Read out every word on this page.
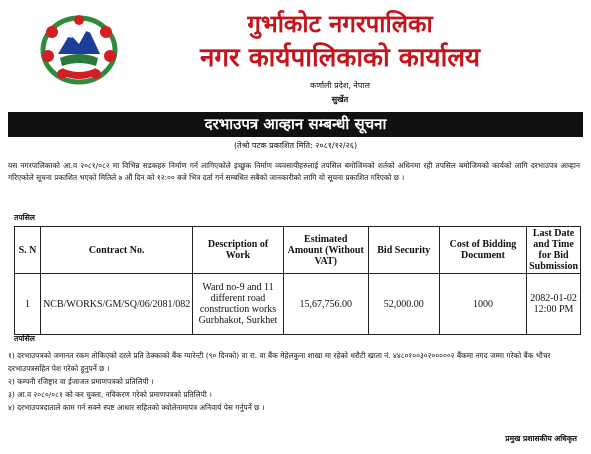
गुर्भाकोट नगरपालिका
नगर कार्यपालिकाको कार्यालय
कर्णाली प्रदेश, नेपाल
सुर्खेत
दरभाउपत्र आव्हान सम्बन्धी सूचना
(तेश्रो पटक प्रकाशित मिति: २०८१/१२/२६)
यस नगरपालिकाको आ.व २०८१/०८२ मा विभिन्न सडकहरु निर्माण गर्न लागिएकोले इच्छुक निर्माण व्यवसायीहरुलाई तपसिल बमोजिमको शर्तको अधिनमा रही तपसिल बमोजिमको कार्यको लागि दरभाउपत्र आव्हान गरिएकोले सूचना प्रकाशित भएको मितिले ७ औं दिन को १२:०० बजे भित्र दर्ता गर्न सम्बधित सबैको जानकारीको लागि यो सूचना प्रकाशित गरिएको छ ।
तपसिल
S. N	Contract No.	Description of Work	Estimated Amount (Without VAT)	Bid Security	Cost of Bidding Document	Last Date and Time for Bid Submission
1	NCB/WORKS/GM/SQ/06/2081/082	Ward no-9 and 11 different road construction works Gurbhakot, Surkhet	15,67,756.00	52,000.00	1000	2082-01-02 12:00 PM
तपसिल
१) दरभाउपत्रको जमानत रकम तोकिएको दरले प्रति ठेक्काको बैंक ग्यारेन्टी (९० दिनको) वा रा. वा बैंक मेहेलकुना शाखा मा रहेको धरौटी खाता नं. ४४८०१००३०२०००००२ बैंकमा नगद जम्मा गरेको बैंक भौचर दरभाउपत्रसहित पेश गरेको हुनुपर्ने छ ।
२) कम्पनी रजिष्ट्रार वा ईजाजत प्रमाणपत्रको प्रतिलिपी ।
३) आ.व २०८०/०८१ को कर चुक्ता, नविकरण गरेको प्रमाणपत्रको प्रतिलिपी ।
४) दरभाउपत्रदाताले काम गर्न सक्ने स्पष्ट आधार सहितको क्वोलेनामापत्र अनिवार्य पेस गर्नुपर्ने छ ।
प्रमुख प्रशासकीय अधिकृत
